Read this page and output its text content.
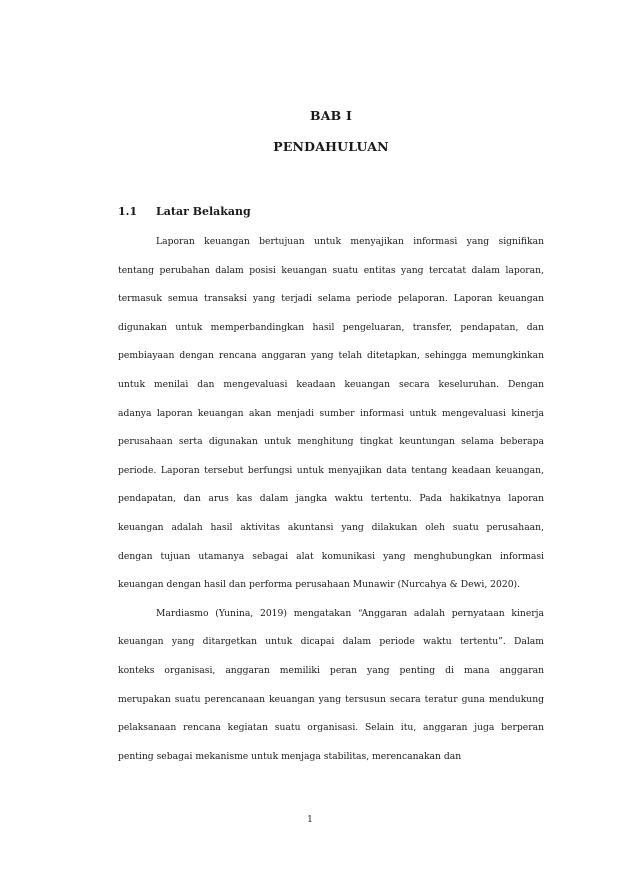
BAB I
PENDAHULUAN
1.1 Latar Belakang
Laporan keuangan bertujuan untuk menyajikan informasi yang signifikan
tentang perubahan dalam posisi keuangan suatu entitas yang tercatat dalam laporan,
termasuk semua transaksi yang terjadi selama periode pelaporan. Laporan keuangan
digunakan untuk memperbandingkan hasil pengeluaran, transfer, pendapatan, dan
pembiayaan dengan rencana anggaran yang telah ditetapkan, sehingga memungkinkan
untuk menilai dan mengevaluasi keadaan keuangan secara keseluruhan. Dengan
adanya laporan keuangan akan menjadi sumber informasi untuk mengevaluasi kinerja
perusahaan serta digunakan untuk menghitung tingkat keuntungan selama beberapa
periode. Laporan tersebut berfungsi untuk menyajikan data tentang keadaan keuangan,
pendapatan, dan arus kas dalam jangka waktu tertentu. Pada hakikatnya laporan
keuangan adalah hasil aktivitas akuntansi yang dilakukan oleh suatu perusahaan,
dengan tujuan utamanya sebagai alat komunikasi yang menghubungkan informasi
keuangan dengan hasil dan performa perusahaan Munawir (Nurcahya & Dewi, 2020).
Mardiasmo (Yunina, 2019) mengatakan “Anggaran adalah pernyataan kinerja
keuangan yang ditargetkan untuk dicapai dalam periode waktu tertentu”. Dalam
konteks organisasi, anggaran memiliki peran yang penting di mana anggaran
merupakan suatu perencanaan keuangan yang tersusun secara teratur guna mendukung
pelaksanaan rencana kegiatan suatu organisasi. Selain itu, anggaran juga berperan
penting sebagai mekanisme untuk menjaga stabilitas, merencanakan dan
1
